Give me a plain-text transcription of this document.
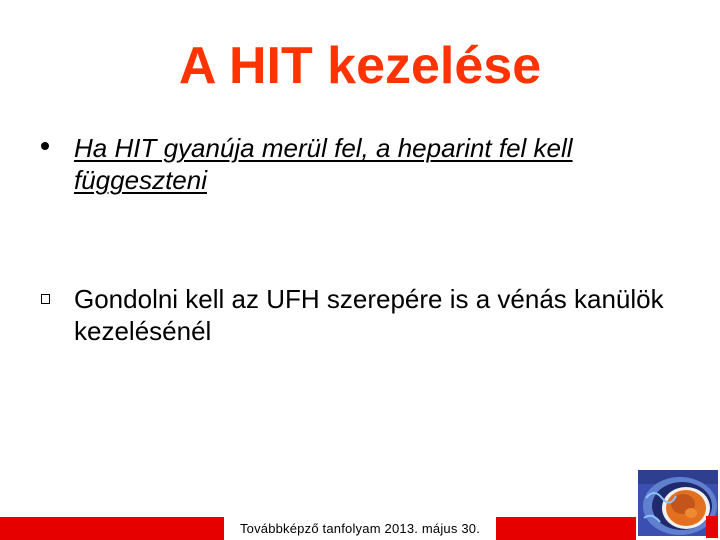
A HIT kezelése
Ha HIT gyanúja merül fel, a heparint fel kell függeszteni
Gondolni kell az UFH szerepére is a vénás kanülök kezelésénél
Továbbképző tanfolyam 2013. május 30.
